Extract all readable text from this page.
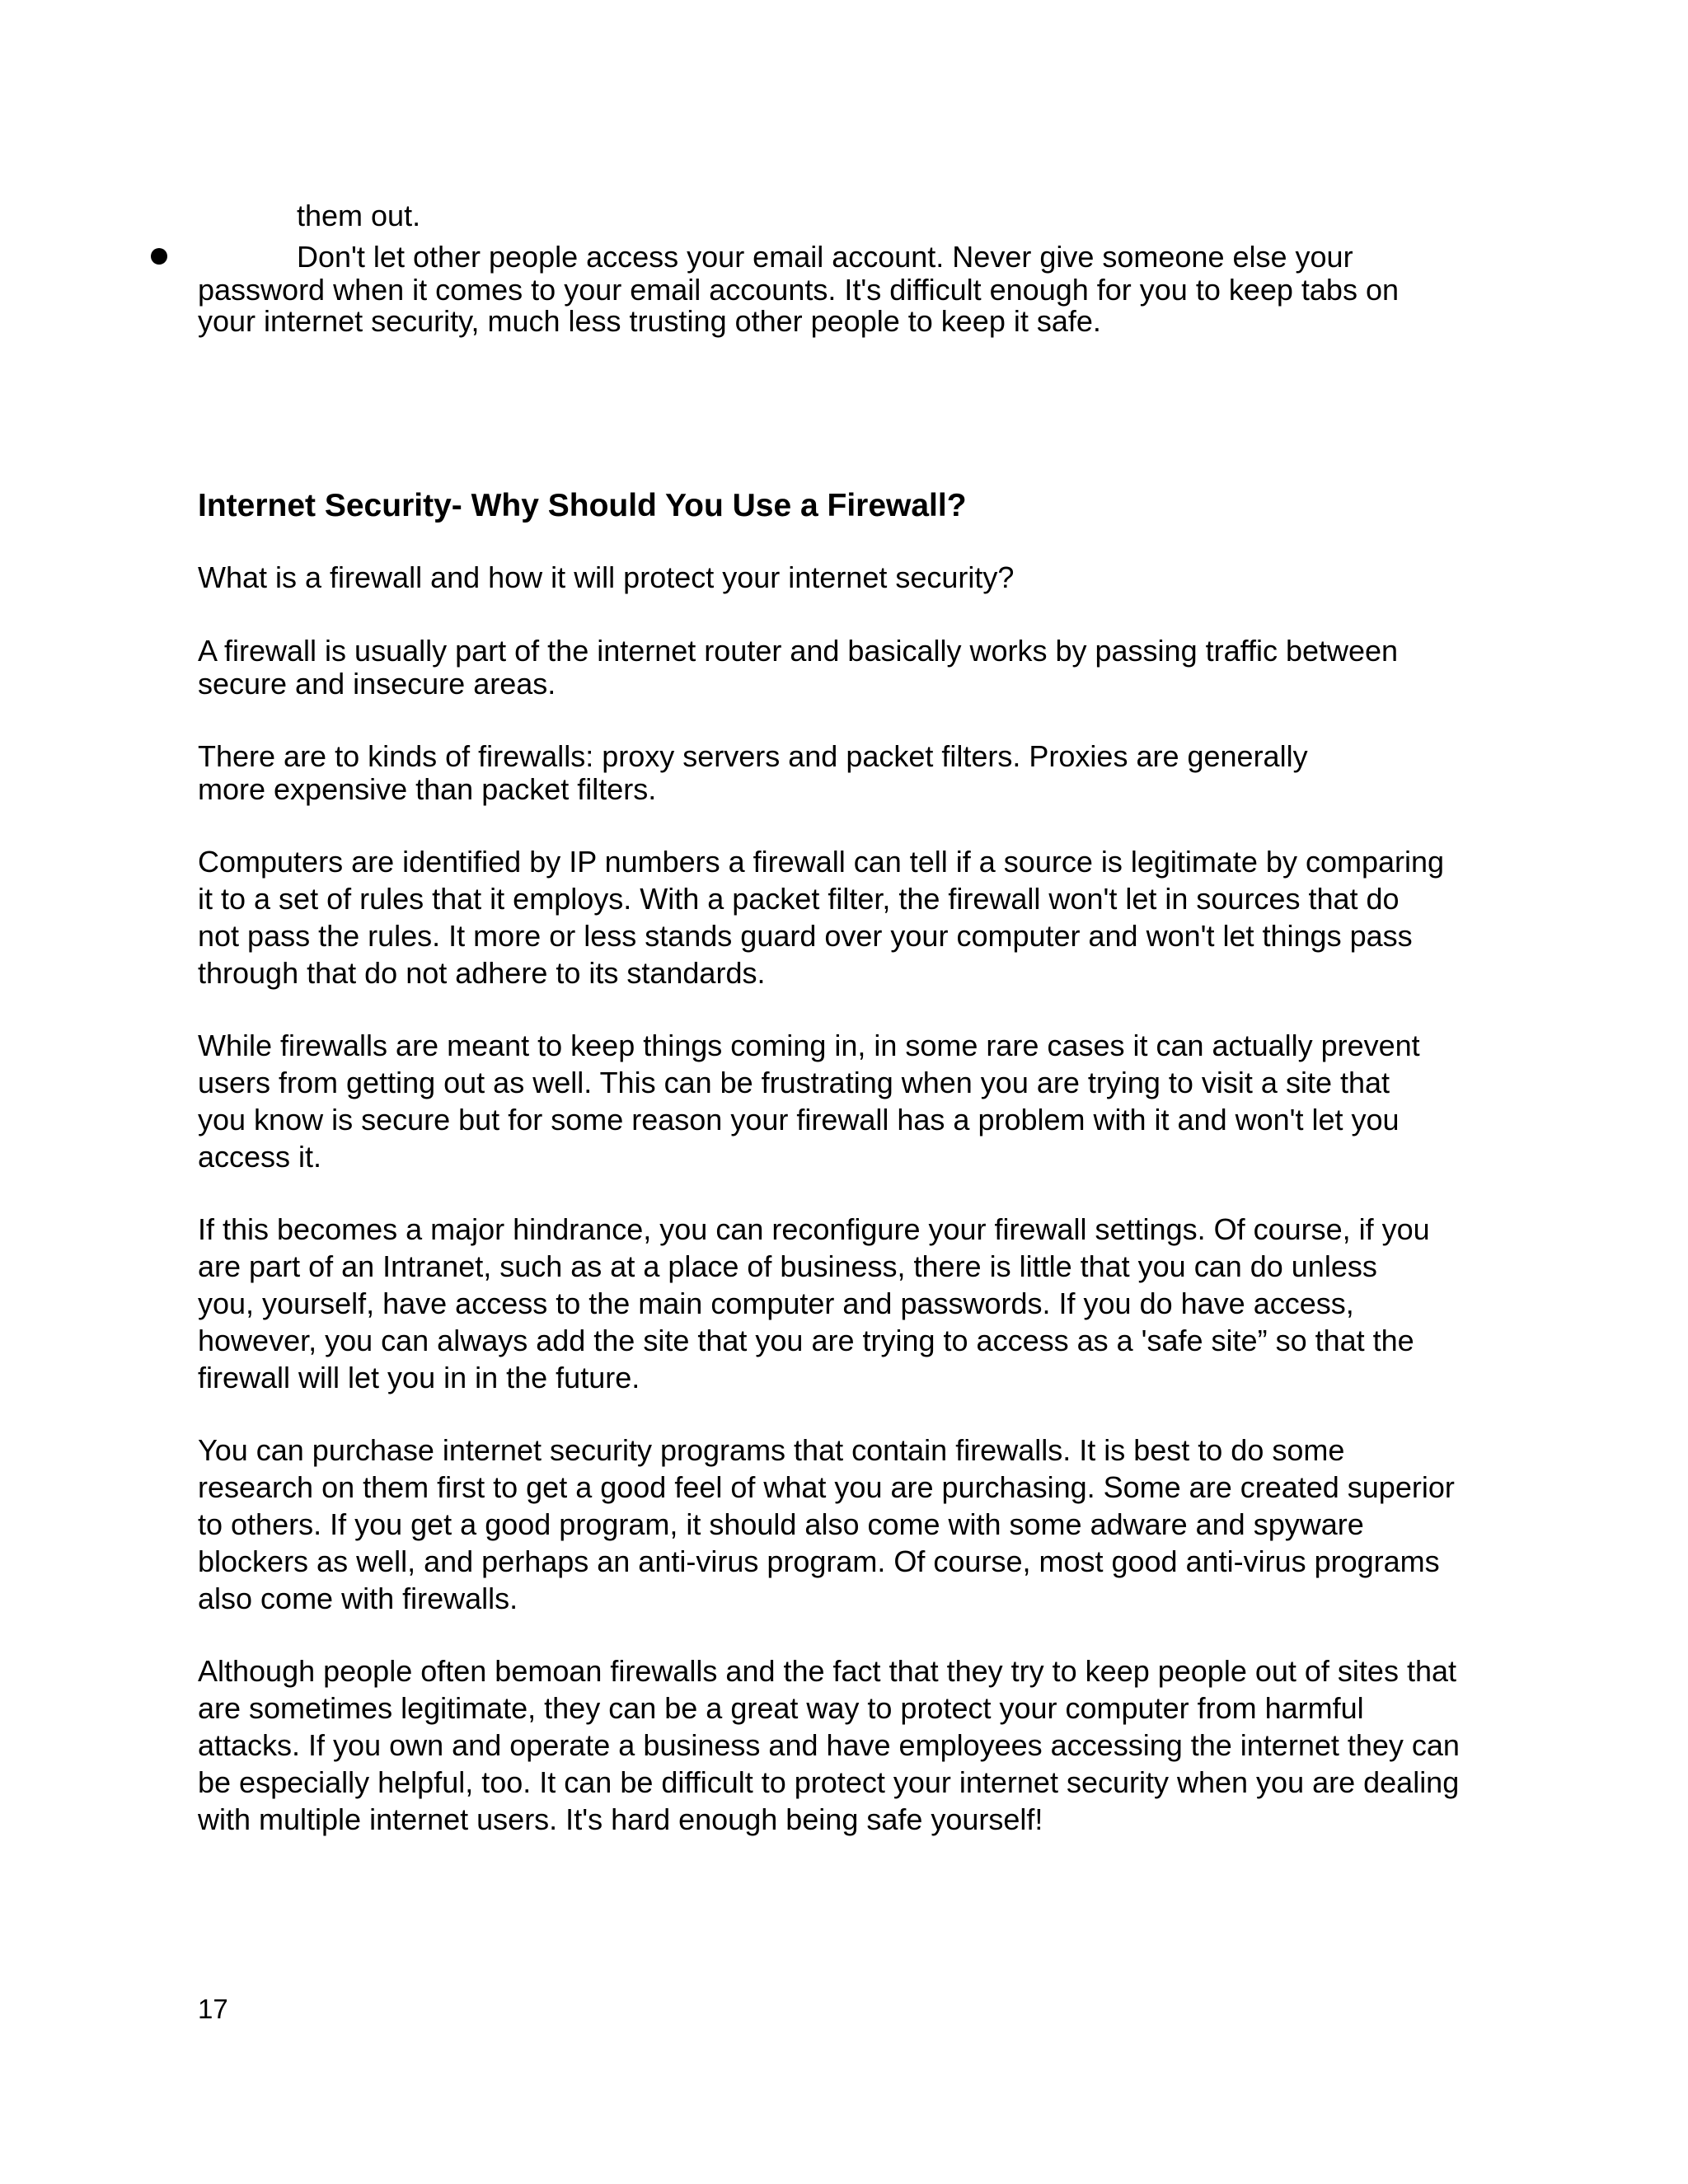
them out.

Don't let other people access your email account. Never give someone else your

password when it comes to your email accounts. It's difficult enough for you to keep tabs on

your internet security, much less trusting other people to keep it safe.

Internet Security- Why Should You Use a Firewall?

What is a firewall and how it will protect your internet security?

A firewall is usually part of the internet router and basically works by passing traffic between

secure and insecure areas.

There are to kinds of firewalls: proxy servers and packet filters. Proxies are generally

more expensive than packet filters.

Computers are identified by IP numbers a firewall can tell if a source is legitimate by comparing

it to a set of rules that it employs. With a packet filter, the firewall won't let in sources that do

not pass the rules. It more or less stands guard over your computer and won't let things pass

through that do not adhere to its standards.

While firewalls are meant to keep things coming in, in some rare cases it can actually prevent

users from getting out as well. This can be frustrating when you are trying to visit a site that

you know is secure but for some reason your firewall has a problem with it and won't let you

access it.

If this becomes a major hindrance, you can reconfigure your firewall settings. Of course, if you

are part of an Intranet, such as at a place of business, there is little that you can do unless

you, yourself, have access to the main computer and passwords. If you do have access,

however, you can always add the site that you are trying to access as a 'safe site” so that the

firewall will let you in in the future.

You can purchase internet security programs that contain firewalls. It is best to do some

research on them first to get a good feel of what you are purchasing. Some are created superior

to others. If you get a good program, it should also come with some adware and spyware

blockers as well, and perhaps an anti-virus program. Of course, most good anti-virus programs

also come with firewalls.

Although people often bemoan firewalls and the fact that they try to keep people out of sites that

are sometimes legitimate, they can be a great way to protect your computer from harmful

attacks. If you own and operate a business and have employees accessing the internet they can

be especially helpful, too. It can be difficult to protect your internet security when you are dealing

with multiple internet users. It's hard enough being safe yourself!

17
